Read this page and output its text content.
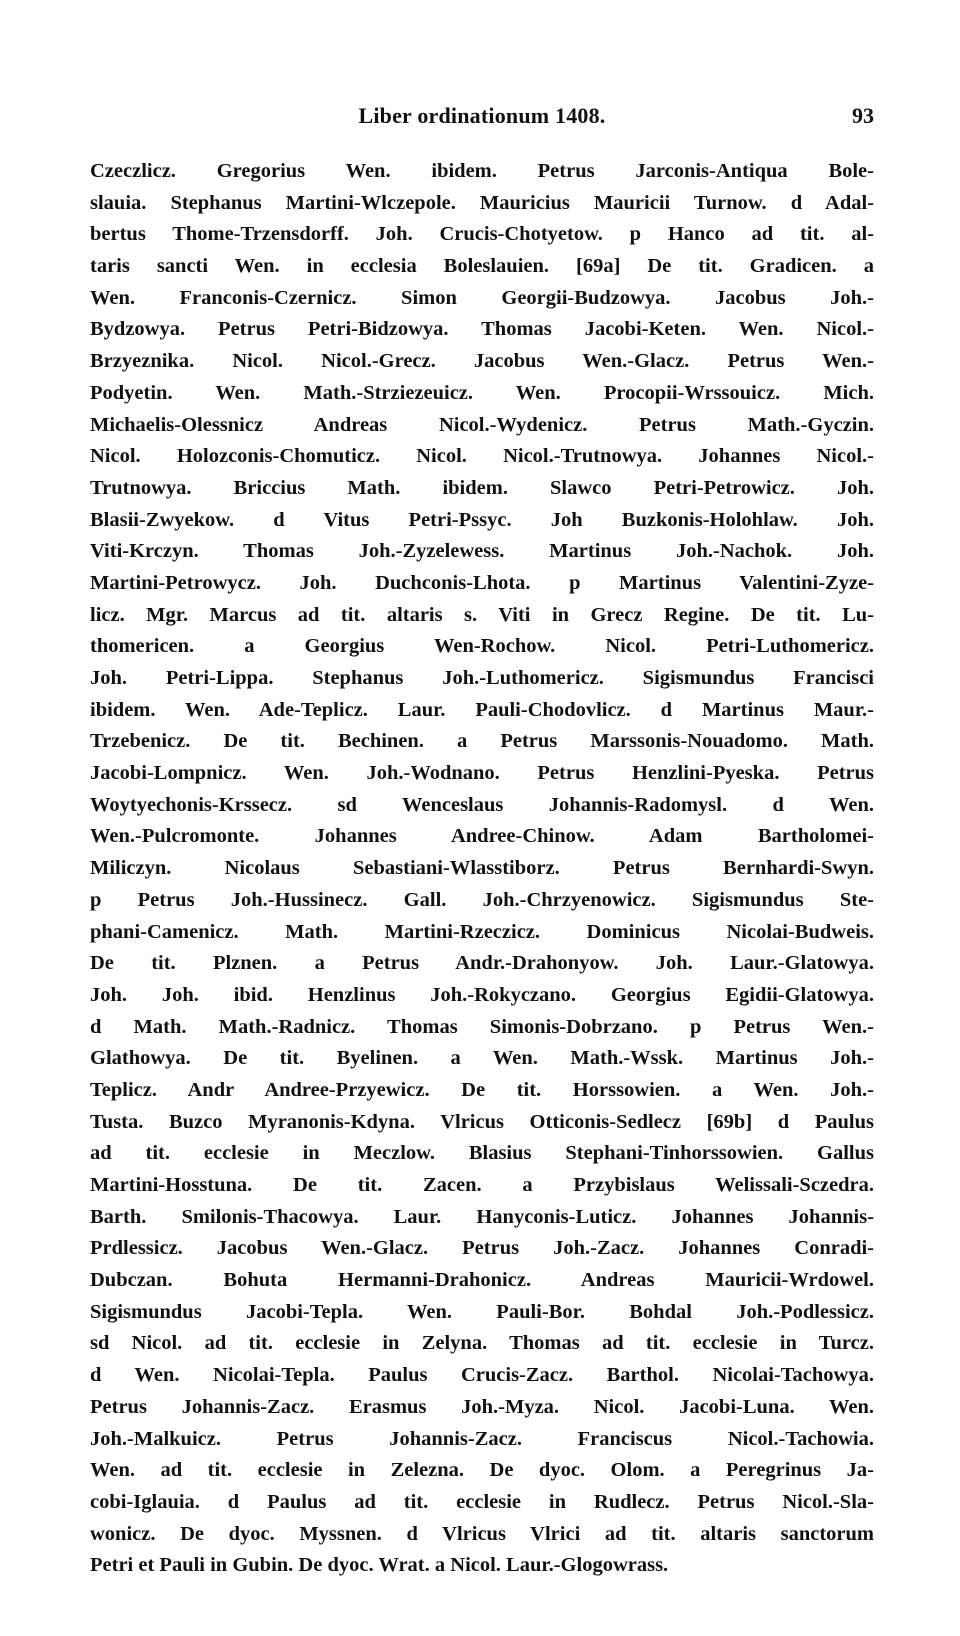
Liber ordinationum 1408.	93
Czeczlicz. Gregorius Wen. ibidem. Petrus Jarconis-Antiqua Bole-
slauia. Stephanus Martini-Wlczepole. Mauricius Mauricii Turnow. d Adal-
bertus Thome-Trzensdorff. Joh. Crucis-Chotyetow. p Hanco ad tit. al-
taris sancti Wen. in ecclesia Boleslauien. [69a] De tit. Gradicen. a
Wen. Franconis-Czernicz. Simon Georgii-Budzowya. Jacobus Joh.-
Bydzowya. Petrus Petri-Bidzowya. Thomas Jacobi-Keten. Wen. Nicol.-
Brzyeznika. Nicol. Nicol.-Grecz. Jacobus Wen.-Glacz. Petrus Wen.-
Podyetin. Wen. Math.-Strziezeuicz. Wen. Procopii-Wrssouicz. Mich.
Michaelis-Olessnicz Andreas Nicol.-Wydenicz. Petrus Math.-Gyczin.
Nicol. Holozconis-Chomuticz. Nicol. Nicol.-Trutnowya. Johannes Nicol.-
Trutnowya. Briccius Math. ibidem. Slawco Petri-Petrowicz. Joh.
Blasii-Zwyekow. d Vitus Petri-Pssyc. Joh Buzkonis-Holohlaw. Joh.
Viti-Krczyn. Thomas Joh.-Zyzelewess. Martinus Joh.-Nachok. Joh.
Martini-Petrowycz. Joh. Duchconis-Lhota. p Martinus Valentini-Zyze-
licz. Mgr. Marcus ad tit. altaris s. Viti in Grecz Regine. De tit. Lu-
thomericen. a Georgius Wen-Rochow. Nicol. Petri-Luthomericz.
Joh. Petri-Lippa. Stephanus Joh.-Luthomericz. Sigismundus Francisci
ibidem. Wen. Ade-Teplicz. Laur. Pauli-Chodovlicz. d Martinus Maur.-
Trzebenicz. De tit. Bechinen. a Petrus Marssonis-Nouadomo. Math.
Jacobi-Lompnicz. Wen. Joh.-Wodnano. Petrus Henzlini-Pyeska. Petrus
Woytyechonis-Krssecz. sd Wenceslaus Johannis-Radomysl. d Wen.
Wen.-Pulcromonte. Johannes Andree-Chinow. Adam Bartholomei-
Miliczyn. Nicolaus Sebastiani-Wlasstiborz. Petrus Bernhardi-Swyn.
p Petrus Joh.-Hussinecz. Gall. Joh.-Chrzyenowicz. Sigismundus Ste-
phani-Camenicz. Math. Martini-Rzeczicz. Dominicus Nicolai-Budweis.
De tit. Plznen. a Petrus Andr.-Drahonyow. Joh. Laur.-Glatowya.
Joh. Joh. ibid. Henzlinus Joh.-Rokyczano. Georgius Egidii-Glatowya.
d Math. Math.-Radnicz. Thomas Simonis-Dobrzano. p Petrus Wen.-
Glathowya. De tit. Byelinen. a Wen. Math.-Wssk. Martinus Joh.-
Teplicz. Andr Andree-Przyewicz. De tit. Horssowien. a Wen. Joh.-
Tusta. Buzco Myranonis-Kdyna. Vlricus Otticonis-Sedlecz [69b] d Paulus
ad tit. ecclesie in Meczlow. Blasius Stephani-Tinhorssowien. Gallus
Martini-Hosstuna. De tit. Zacen. a Przybislaus Welissali-Sczedra.
Barth. Smilonis-Thacowya. Laur. Hanyconis-Luticz. Johannes Johannis-
Prdlessicz. Jacobus Wen.-Glacz. Petrus Joh.-Zacz. Johannes Conradi-
Dubczan. Bohuta Hermanni-Drahonicz. Andreas Mauricii-Wrdowel.
Sigismundus Jacobi-Tepla. Wen. Pauli-Bor. Bohdal Joh.-Podlessicz.
sd Nicol. ad tit. ecclesie in Zelyna. Thomas ad tit. ecclesie in Turcz.
d Wen. Nicolai-Tepla. Paulus Crucis-Zacz. Barthol. Nicolai-Tachowya.
Petrus Johannis-Zacz. Erasmus Joh.-Myza. Nicol. Jacobi-Luna. Wen.
Joh.-Malkuicz. Petrus Johannis-Zacz. Franciscus Nicol.-Tachowia.
Wen. ad tit. ecclesie in Zelezna. De dyoc. Olom. a Peregrinus Ja-
cobi-Iglauia. d Paulus ad tit. ecclesie in Rudlecz. Petrus Nicol.-Sla-
wonicz. De dyoc. Myssnen. d Vlricus Vlrici ad tit. altaris sanctorum
Petri et Pauli in Gubin. De dyoc. Wrat. a Nicol. Laur.-Glogowrass.
